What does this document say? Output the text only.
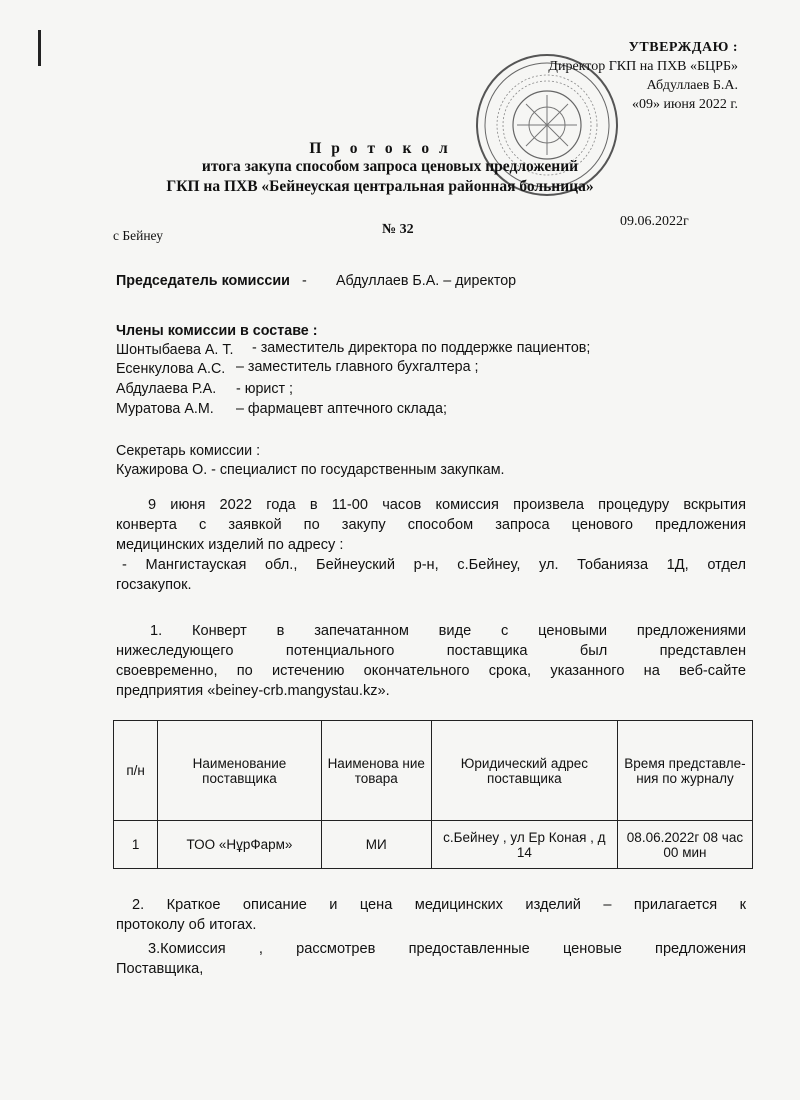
УТВЕРЖДАЮ :
Директор ГКП на ПХВ «БЦРБ»
Абдуллаев Б.А.
«09» июня 2022 г.
П р о т о к о л
итога закупа способом запроса ценовых предложений
ГКП на ПХВ «Бейнеуская центральная районная больница»
09.06.2022г
№ 32
с Бейнеу
Председатель комиссии - Абдуллаев Б.А. – директор
Члены комиссии в составе :
Шонтыбаева А. Т. - заместитель директора по поддержке пациентов;
Есенкулова А.С. – заместитель главного бухгалтера ;
Абдулаева Р.А. - юрист ;
Муратова А.М. – фармацевт аптечного склада;
Секретарь комиссии :
Куажирова О. - специалист по государственным закупкам.
9 июня 2022 года в 11-00 часов комиссия произвела процедуру вскрытия
конверта с заявкой по закупу способом запроса ценового предложения
медицинских изделий по адресу :
- Мангистауская обл., Бейнеуский р-н, с.Бейнеу, ул. Тобанияза 1Д, отдел
госзакупок.
1. Конверт в запечатанном виде с ценовыми предложениями
нижеследующего потенциального поставщика был представлен
своевременно, по истечению окончательного срока, указанного на веб-сайте
предприятия «beiney-crb.mangystau.kz».
п/н	Наименование поставщика	Наименова ние товара	Юридический адрес поставщика	Время представле- ния по журналу
1	ТОО «НұрФарм»	МИ	с.Бейнеу , ул Ер Коная , д 14	08.06.2022г 08 час 00 мин
2. Краткое описание и цена медицинских изделий – прилагается к
протоколу об итогах.
3.Комиссия , рассмотрев предоставленные ценовые предложения
Поставщика,
